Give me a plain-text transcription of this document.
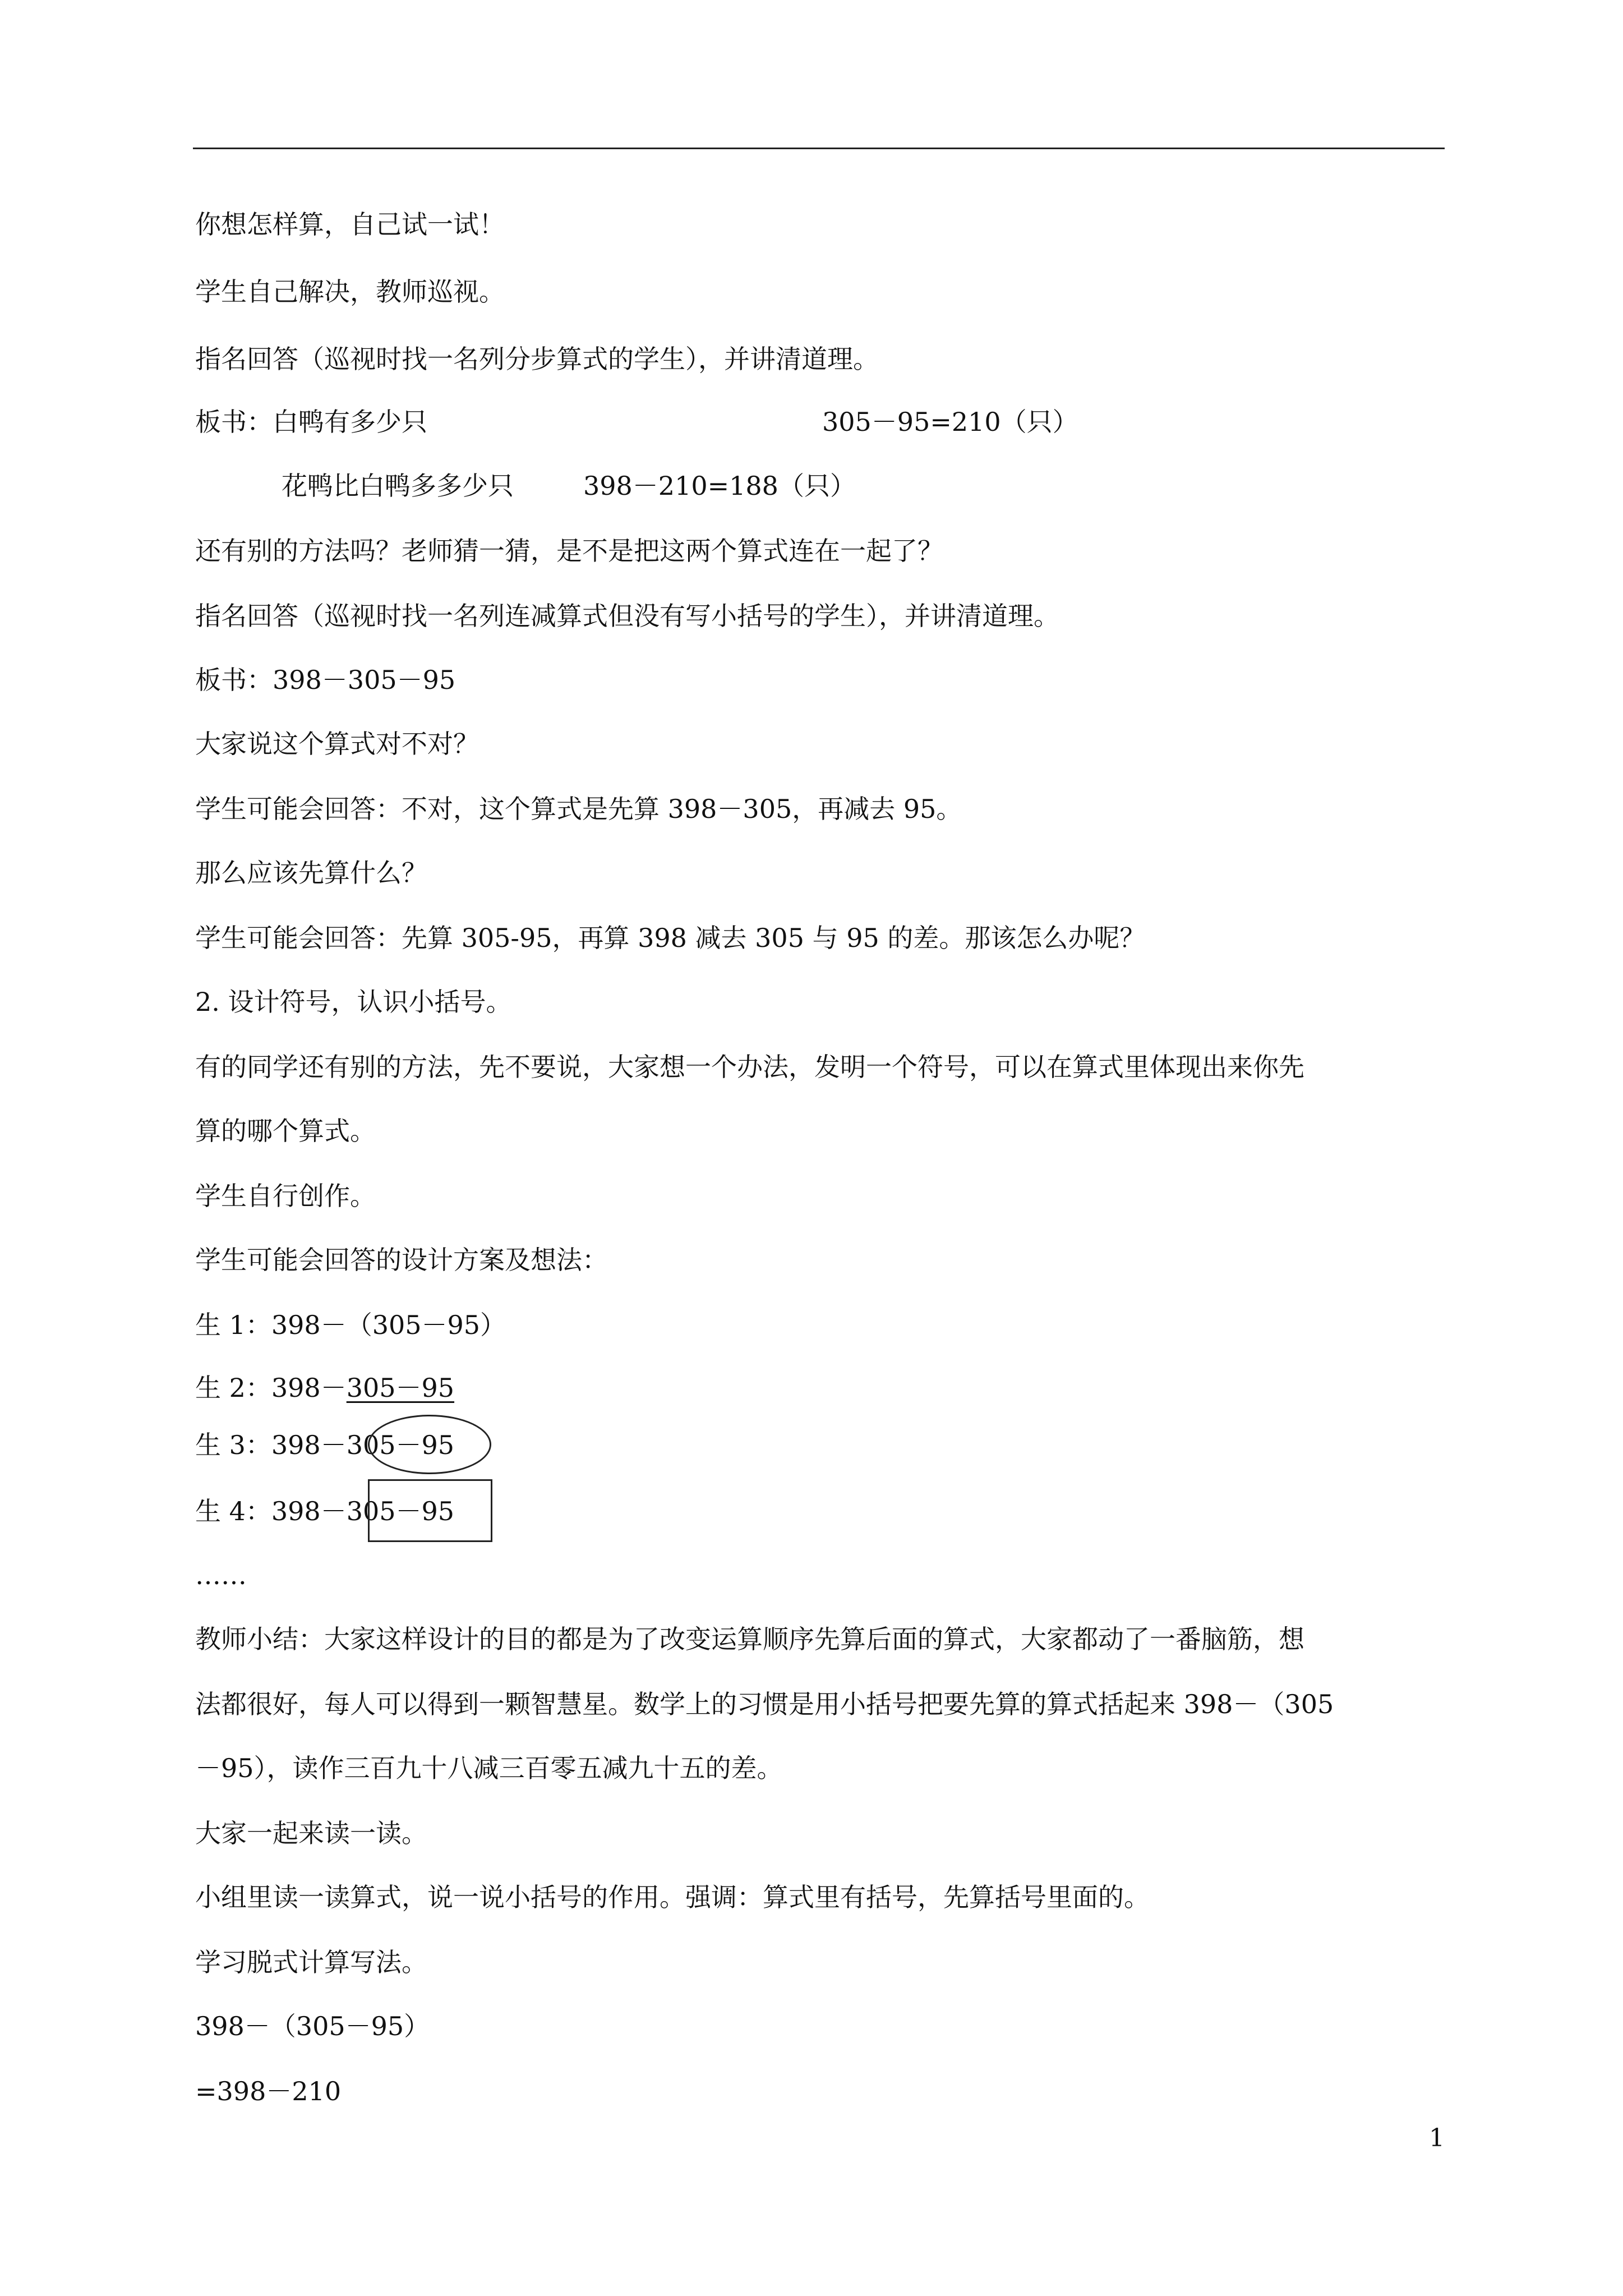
你想怎样算，自己试一试！
学生自己解决，教师巡视。
指名回答（巡视时找一名列分步算式的学生），并讲清道理。
板书：白鸭有多少只	305－95=210（只）
花鸭比白鸭多多少只	398－210=188（只）
还有别的方法吗？老师猜一猜，是不是把这两个算式连在一起了？
指名回答（巡视时找一名列连减算式但没有写小括号的学生），并讲清道理。
板书：398－305－95
大家说这个算式对不对？
学生可能会回答：不对，这个算式是先算 398－305，再减去 95。
那么应该先算什么？
学生可能会回答：先算 305-95，再算 398 减去 305 与 95 的差。那该怎么办呢？
2. 设计符号，认识小括号。
有的同学还有别的方法，先不要说，大家想一个办法，发明一个符号，可以在算式里体现出来你先
算的哪个算式。
学生自行创作。
学生可能会回答的设计方案及想法：
生 1：398－（305－95）
生 2：398－305－95
生 3：398－305－95
生 4：398－305－95
……
教师小结：大家这样设计的目的都是为了改变运算顺序先算后面的算式，大家都动了一番脑筋，想
法都很好，每人可以得到一颗智慧星。数学上的习惯是用小括号把要先算的算式括起来 398－（305
－95），读作三百九十八减三百零五减九十五的差。
大家一起来读一读。
小组里读一读算式，说一说小括号的作用。强调：算式里有括号，先算括号里面的。
学习脱式计算写法。
398－（305－95）
=398－210
1
